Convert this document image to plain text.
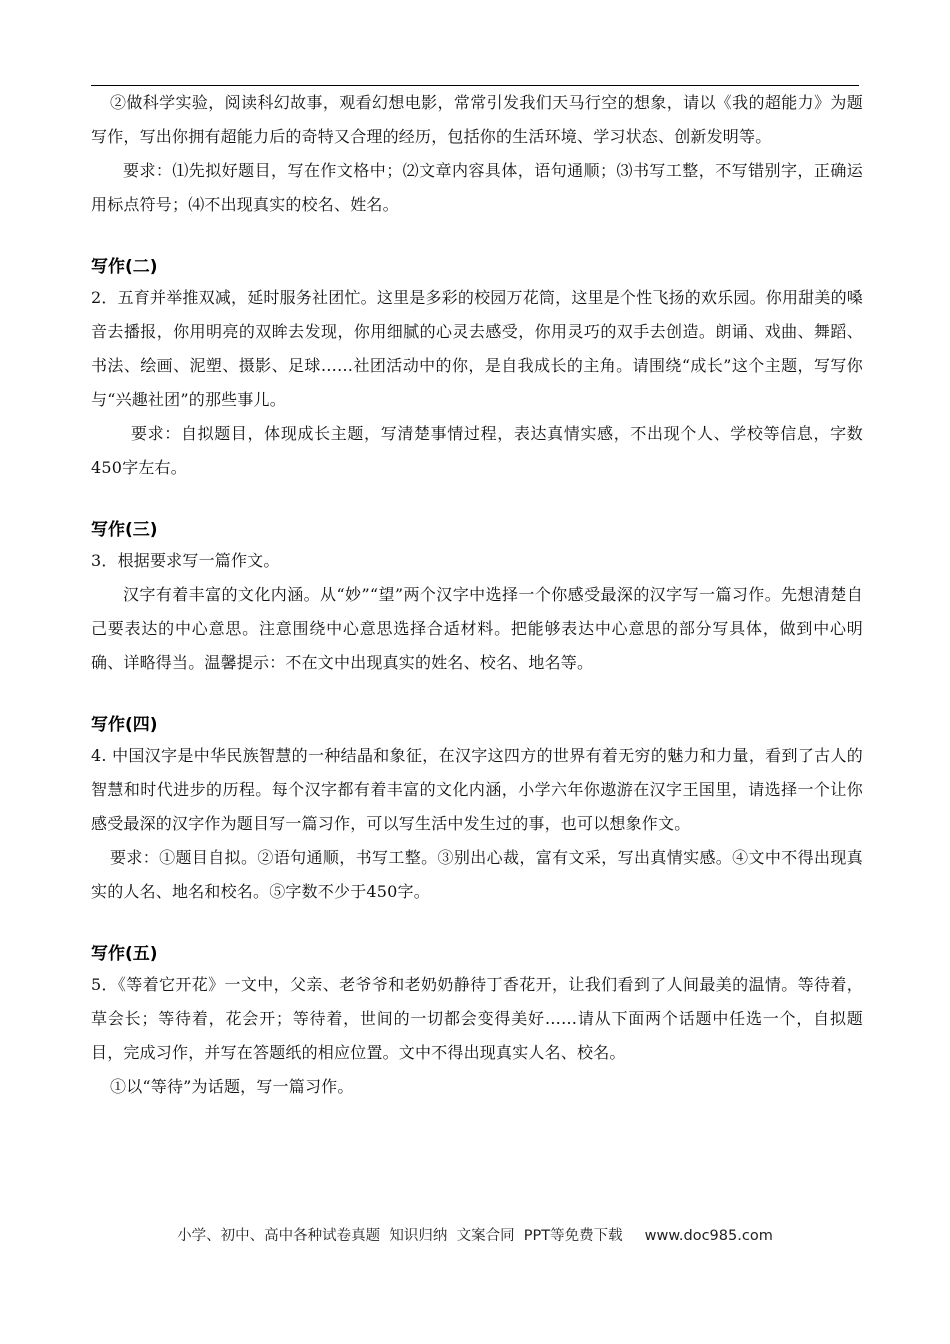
②做科学实验，阅读科幻故事，观看幻想电影，常常引发我们天马行空的想象，请以《我的超能力》为题写作，写出你拥有超能力后的奇特又合理的经历，包括你的生活环境、学习状态、创新发明等。

要求：⑴先拟好题目，写在作文格中；⑵文章内容具体，语句通顺；⑶书写工整，不写错别字，正确运用标点符号；⑷不出现真实的校名、姓名。

写作(二)

2．五育并举推双减，延时服务社团忙。这里是多彩的校园万花筒，这里是个性飞扬的欢乐园。你用甜美的嗓音去播报，你用明亮的双眸去发现，你用细腻的心灵去感受，你用灵巧的双手去创造。朗诵、戏曲、舞蹈、书法、绘画、泥塑、摄影、足球……社团活动中的你，是自我成长的主角。请围绕“成长”这个主题，写写你与“兴趣社团”的那些事儿。

要求：自拟题目，体现成长主题，写清楚事情过程，表达真情实感，不出现个人、学校等信息，字数450字左右。

写作(三)

3．根据要求写一篇作文。

汉字有着丰富的文化内涵。从“妙”“望”两个汉字中选择一个你感受最深的汉字写一篇习作。先想清楚自己要表达的中心意思。注意围绕中心意思选择合适材料。把能够表达中心意思的部分写具体，做到中心明确、详略得当。温馨提示：不在文中出现真实的姓名、校名、地名等。

写作(四)

4. 中国汉字是中华民族智慧的一种结晶和象征，在汉字这四方的世界有着无穷的魅力和力量，看到了古人的智慧和时代进步的历程。每个汉字都有着丰富的文化内涵，小学六年你遨游在汉字王国里，请选择一个让你感受最深的汉字作为题目写一篇习作，可以写生活中发生过的事，也可以想象作文。

要求：①题目自拟。②语句通顺，书写工整。③别出心裁，富有文采，写出真情实感。④文中不得出现真实的人名、地名和校名。⑤字数不少于450字。

写作(五)

5．《等着它开花》一文中，父亲、老爷爷和老奶奶静待丁香花开，让我们看到了人间最美的温情。等待着，草会长；等待着，花会开；等待着，世间的一切都会变得美好……请从下面两个话题中任选一个，自拟题目，完成习作，并写在答题纸的相应位置。文中不得出现真实人名、校名。

①以“等待”为话题，写一篇习作。

小学、初中、高中各种试卷真题  知识归纳  文案合同  PPT等免费下载 www.doc985.com
